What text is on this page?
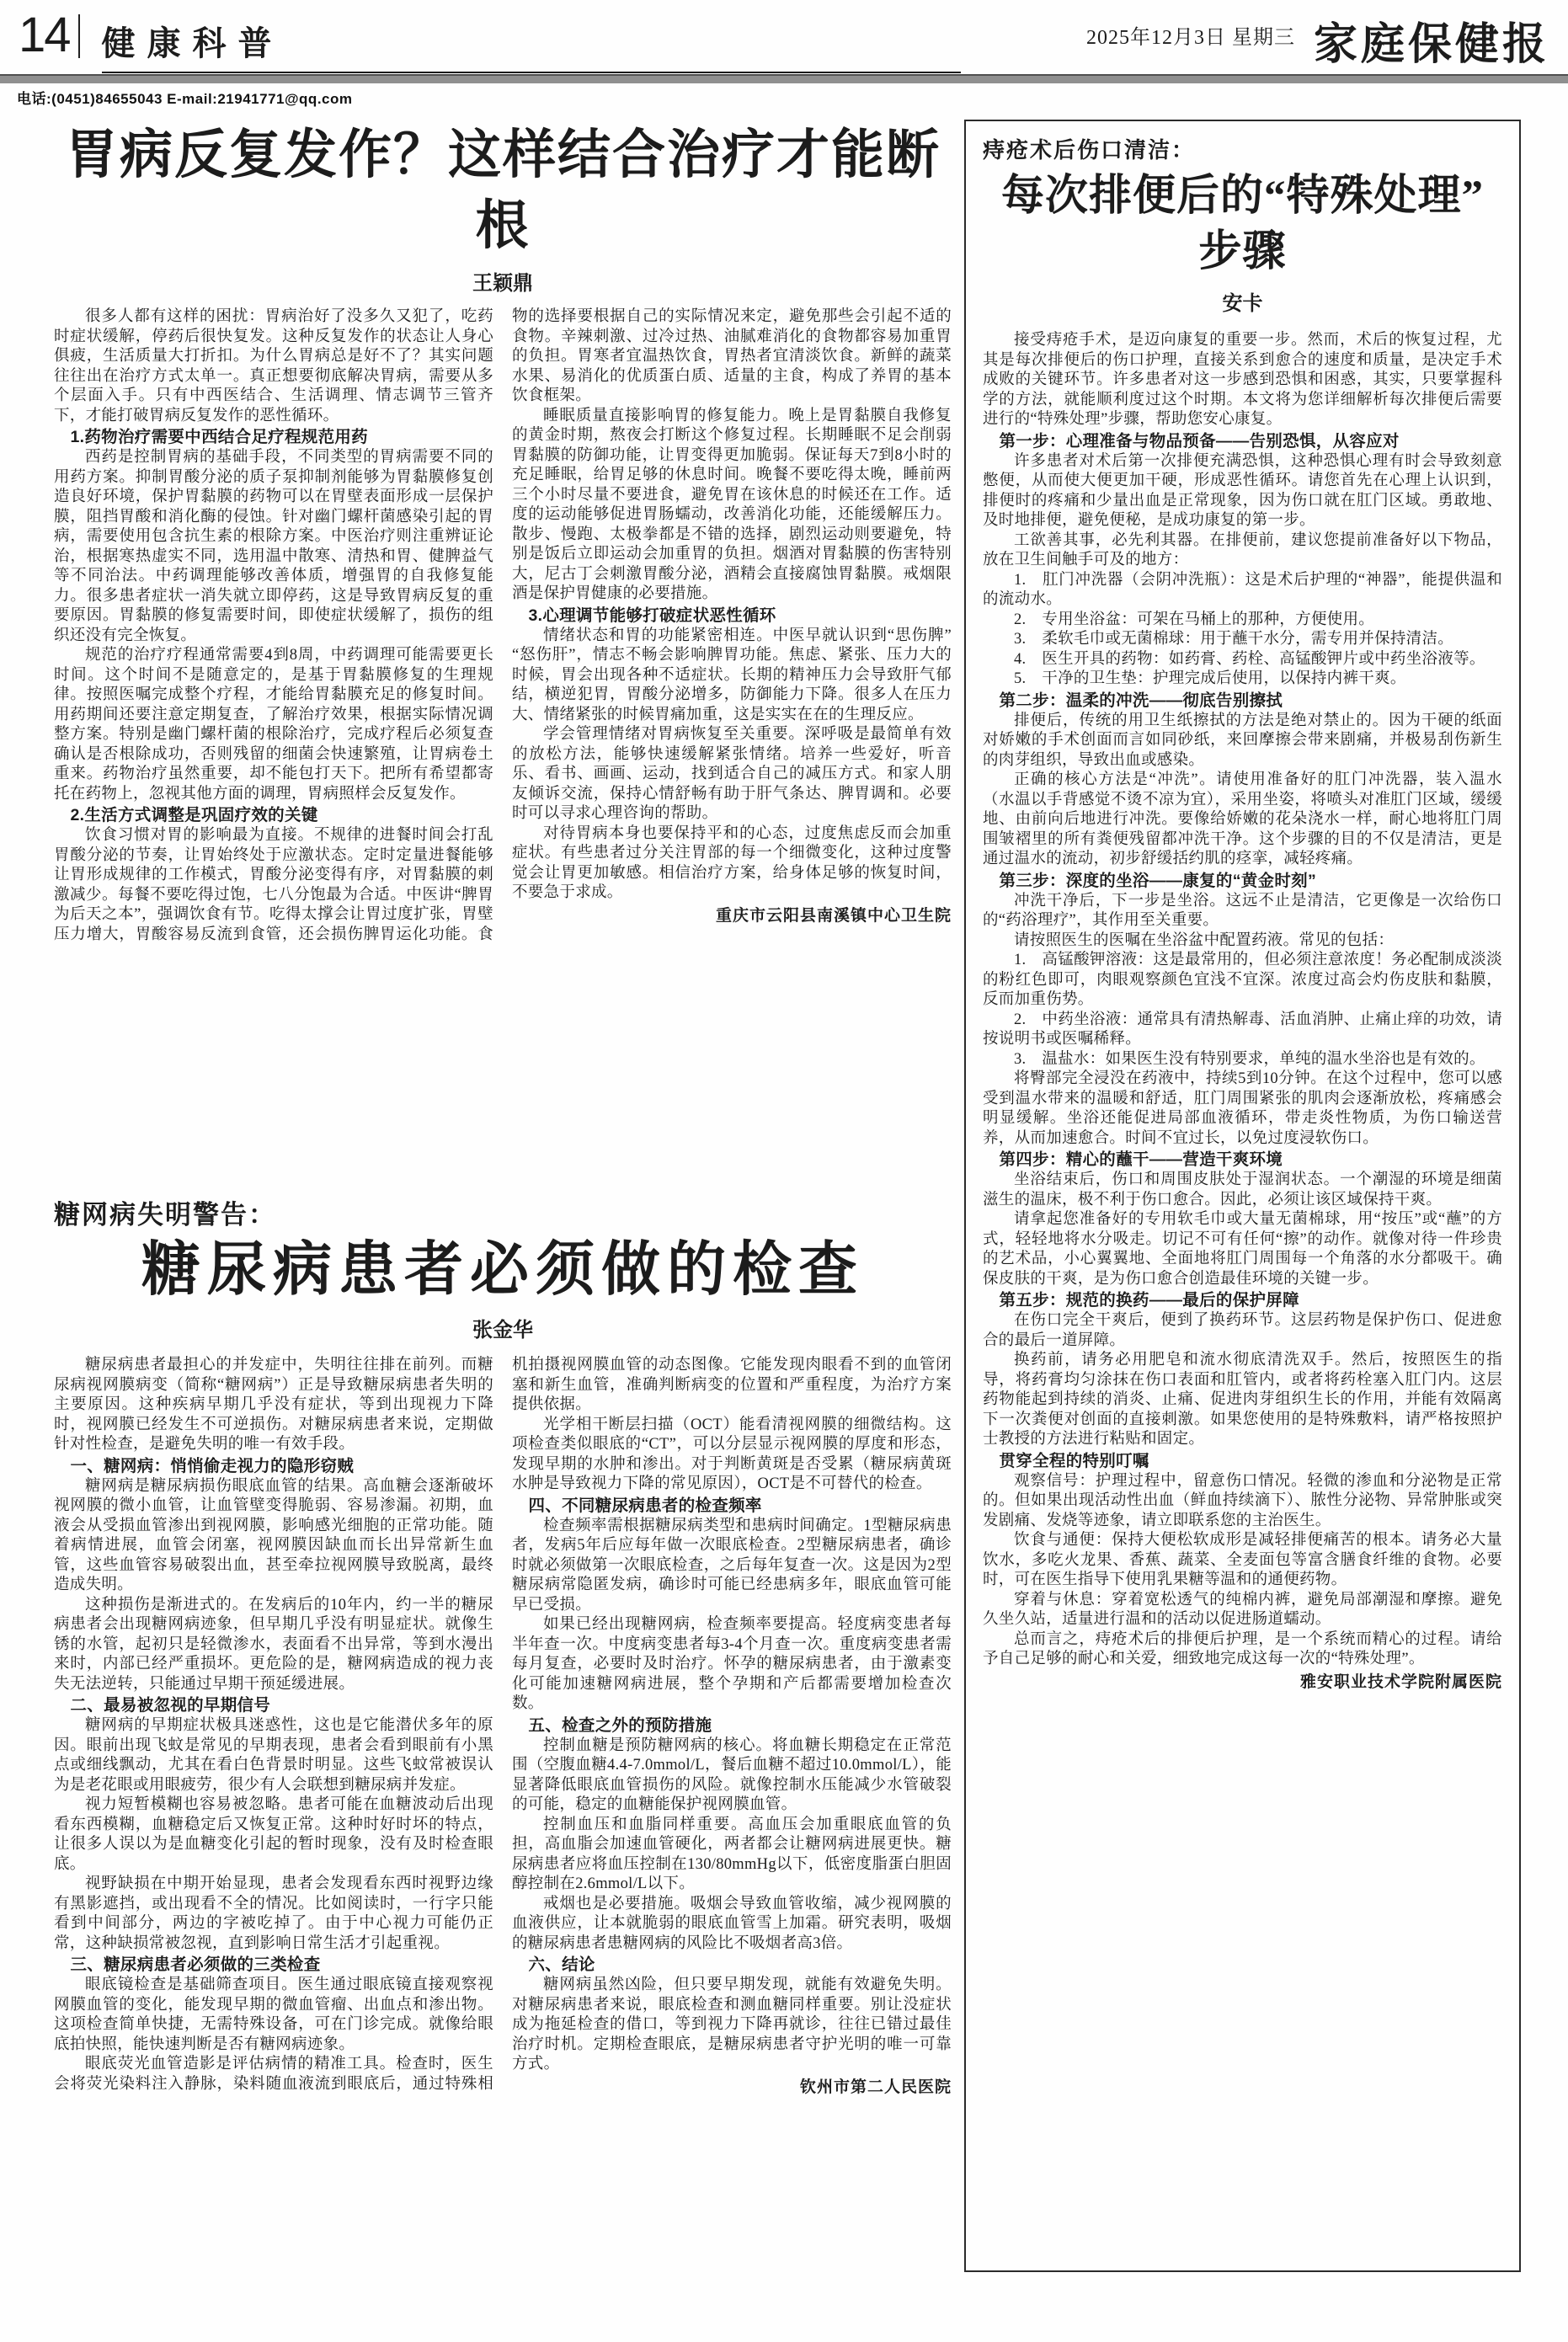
14 健康科普	2025年12月3日 星期三 家庭保健报
电话:(0451)84655043 E-mail:21941771@qq.com
胃病反复发作？这样结合治疗才能断根
王颖鼎

很多人都有这样的困扰：胃病治好了没多久又犯了，吃药时症状缓解，停药后很快复发。这种反复发作的状态让人身心俱疲，生活质量大打折扣。为什么胃病总是好不了？其实问题往往出在治疗方式太单一。真正想要彻底解决胃病，需要从多个层面入手。只有中西医结合、生活调理、情志调节三管齐下，才能打破胃病反复发作的恶性循环。

1.药物治疗需要中西结合足疗程规范用药

西药是控制胃病的基础手段，不同类型的胃病需要不同的用药方案。抑制胃酸分泌的质子泵抑制剂能够为胃黏膜修复创造良好环境，保护胃黏膜的药物可以在胃壁表面形成一层保护膜，阻挡胃酸和消化酶的侵蚀。针对幽门螺杆菌感染引起的胃病，需要使用包含抗生素的根除方案。中医治疗则注重辨证论治，根据寒热虚实不同，选用温中散寒、清热和胃、健脾益气等不同治法。中药调理能够改善体质，增强胃的自我修复能力。很多患者症状一消失就立即停药，这是导致胃病反复的重要原因。胃黏膜的修复需要时间，即使症状缓解了，损伤的组织还没有完全恢复。

规范的治疗疗程通常需要4到8周，中药调理可能需要更长时间。这个时间不是随意定的，是基于胃黏膜修复的生理规律。按照医嘱完成整个疗程，才能给胃黏膜充足的修复时间。用药期间还要注意定期复查，了解治疗效果，根据实际情况调整方案。特别是幽门螺杆菌的根除治疗，完成疗程后必须复查确认是否根除成功，否则残留的细菌会快速繁殖，让胃病卷土重来。药物治疗虽然重要，却不能包打天下。把所有希望都寄托在药物上，忽视其他方面的调理，胃病照样会反复发作。

2.生活方式调整是巩固疗效的关键

饮食习惯对胃的影响最为直接。不规律的进餐时间会打乱胃酸分泌的节奏，让胃始终处于应激状态。定时定量进餐能够让胃形成规律的工作模式，胃酸分泌变得有序，对胃黏膜的刺激减少。每餐不要吃得过饱，七八分饱最为合适。中医讲“脾胃为后天之本”，强调饮食有节。吃得太撑会让胃过度扩张，胃壁压力增大，胃酸容易反流到食管，还会损伤脾胃运化功能。食物的选择要根据自己的实际情况来定，避免那些会引起不适的食物。辛辣刺激、过冷过热、油腻难消化的食物都容易加重胃的负担。胃寒者宜温热饮食，胃热者宜清淡饮食。新鲜的蔬菜水果、易消化的优质蛋白质、适量的主食，构成了养胃的基本饮食框架。

睡眠质量直接影响胃的修复能力。晚上是胃黏膜自我修复的黄金时期，熬夜会打断这个修复过程。长期睡眠不足会削弱胃黏膜的防御功能，让胃变得更加脆弱。保证每天7到8小时的充足睡眠，给胃足够的休息时间。晚餐不要吃得太晚，睡前两三个小时尽量不要进食，避免胃在该休息的时候还在工作。适度的运动能够促进胃肠蠕动，改善消化功能，还能缓解压力。散步、慢跑、太极拳都是不错的选择，剧烈运动则要避免，特别是饭后立即运动会加重胃的负担。烟酒对胃黏膜的伤害特别大，尼古丁会刺激胃酸分泌，酒精会直接腐蚀胃黏膜。戒烟限酒是保护胃健康的必要措施。

3.心理调节能够打破症状恶性循环

情绪状态和胃的功能紧密相连。中医早就认识到“思伤脾”“怒伤肝”，情志不畅会影响脾胃功能。焦虑、紧张、压力大的时候，胃会出现各种不适症状。长期的精神压力会导致肝气郁结，横逆犯胃，胃酸分泌增多，防御能力下降。很多人在压力大、情绪紧张的时候胃痛加重，这是实实在在的生理反应。

学会管理情绪对胃病恢复至关重要。深呼吸是最简单有效的放松方法，能够快速缓解紧张情绪。培养一些爱好，听音乐、看书、画画、运动，找到适合自己的减压方式。和家人朋友倾诉交流，保持心情舒畅有助于肝气条达、脾胃调和。必要时可以寻求心理咨询的帮助。

对待胃病本身也要保持平和的心态，过度焦虑反而会加重症状。有些患者过分关注胃部的每一个细微变化，这种过度警觉会让胃更加敏感。相信治疗方案，给身体足够的恢复时间，不要急于求成。

重庆市云阳县南溪镇中心卫生院
糖网病失明警告：
糖尿病患者必须做的检查
张金华

糖尿病患者最担心的并发症中，失明往往排在前列。而糖尿病视网膜病变（简称“糖网病”）正是导致糖尿病患者失明的主要原因。这种疾病早期几乎没有症状，等到出现视力下降时，视网膜已经发生不可逆损伤。对糖尿病患者来说，定期做针对性检查，是避免失明的唯一有效手段。

一、糖网病：悄悄偷走视力的隐形窃贼

糖网病是糖尿病损伤眼底血管的结果。高血糖会逐渐破坏视网膜的微小血管，让血管壁变得脆弱、容易渗漏。初期，血液会从受损血管渗出到视网膜，影响感光细胞的正常功能。随着病情进展，血管会闭塞，视网膜因缺血而长出异常新生血管，这些血管容易破裂出血，甚至牵拉视网膜导致脱离，最终造成失明。

这种损伤是渐进式的。在发病后的10年内，约一半的糖尿病患者会出现糖网病迹象，但早期几乎没有明显症状。就像生锈的水管，起初只是轻微渗水，表面看不出异常，等到水漫出来时，内部已经严重损坏。更危险的是，糖网病造成的视力丧失无法逆转，只能通过早期干预延缓进展。

二、最易被忽视的早期信号

糖网病的早期症状极具迷惑性，这也是它能潜伏多年的原因。眼前出现飞蚊是常见的早期表现，患者会看到眼前有小黑点或细线飘动，尤其在看白色背景时明显。这些飞蚊常被误认为是老花眼或用眼疲劳，很少有人会联想到糖尿病并发症。

视力短暂模糊也容易被忽略。患者可能在血糖波动后出现看东西模糊，血糖稳定后又恢复正常。这种时好时坏的特点，让很多人误以为是血糖变化引起的暂时现象，没有及时检查眼底。

视野缺损在中期开始显现，患者会发现看东西时视野边缘有黑影遮挡，或出现看不全的情况。比如阅读时，一行字只能看到中间部分，两边的字被吃掉了。由于中心视力可能仍正常，这种缺损常被忽视，直到影响日常生活才引起重视。

三、糖尿病患者必须做的三类检查

眼底镜检查是基础筛查项目。医生通过眼底镜直接观察视网膜血管的变化，能发现早期的微血管瘤、出血点和渗出物。这项检查简单快捷，无需特殊设备，可在门诊完成。就像给眼底拍快照，能快速判断是否有糖网病迹象。

眼底荧光血管造影是评估病情的精准工具。检查时，医生会将荧光染料注入静脉，染料随血液流到眼底后，通过特殊相机拍摄视网膜血管的动态图像。它能发现肉眼看不到的血管闭塞和新生血管，准确判断病变的位置和严重程度，为治疗方案提供依据。

光学相干断层扫描（OCT）能看清视网膜的细微结构。这项检查类似眼底的“CT”，可以分层显示视网膜的厚度和形态，发现早期的水肿和渗出。对于判断黄斑是否受累（糖尿病黄斑水肿是导致视力下降的常见原因），OCT是不可替代的检查。

四、不同糖尿病患者的检查频率

检查频率需根据糖尿病类型和患病时间确定。1型糖尿病患者，发病5年后应每年做一次眼底检查。2型糖尿病患者，确诊时就必须做第一次眼底检查，之后每年复查一次。这是因为2型糖尿病常隐匿发病，确诊时可能已经患病多年，眼底血管可能早已受损。

如果已经出现糖网病，检查频率要提高。轻度病变患者每半年查一次。中度病变患者每3-4个月查一次。重度病变患者需每月复查，必要时及时治疗。怀孕的糖尿病患者，由于激素变化可能加速糖网病进展，整个孕期和产后都需要增加检查次数。

五、检查之外的预防措施

控制血糖是预防糖网病的核心。将血糖长期稳定在正常范围（空腹血糖4.4-7.0mmol/L，餐后血糖不超过10.0mmol/L），能显著降低眼底血管损伤的风险。就像控制水压能减少水管破裂的可能，稳定的血糖能保护视网膜血管。

控制血压和血脂同样重要。高血压会加重眼底血管的负担，高血脂会加速血管硬化，两者都会让糖网病进展更快。糖尿病患者应将血压控制在130/80mmHg以下，低密度脂蛋白胆固醇控制在2.6mmol/L以下。

戒烟也是必要措施。吸烟会导致血管收缩，减少视网膜的血液供应，让本就脆弱的眼底血管雪上加霜。研究表明，吸烟的糖尿病患者患糖网病的风险比不吸烟者高3倍。

六、结论

糖网病虽然凶险，但只要早期发现，就能有效避免失明。对糖尿病患者来说，眼底检查和测血糖同样重要。别让没症状成为拖延检查的借口，等到视力下降再就诊，往往已错过最佳治疗时机。定期检查眼底，是糖尿病患者守护光明的唯一可靠方式。

钦州市第二人民医院
痔疮术后伤口清洁：
每次排便后的“特殊处理”步骤
安卡

接受痔疮手术，是迈向康复的重要一步。然而，术后的恢复过程，尤其是每次排便后的伤口护理，直接关系到愈合的速度和质量，是决定手术成败的关键环节。许多患者对这一步感到恐惧和困惑，其实，只要掌握科学的方法，就能顺利度过这个时期。本文将为您详细解析每次排便后需要进行的“特殊处理”步骤，帮助您安心康复。

第一步：心理准备与物品预备——告别恐惧，从容应对

许多患者对术后第一次排便充满恐惧，这种恐惧心理有时会导致刻意憋便，从而使大便更加干硬，形成恶性循环。请您首先在心理上认识到，排便时的疼痛和少量出血是正常现象，因为伤口就在肛门区域。勇敢地、及时地排便，避免便秘，是成功康复的第一步。

工欲善其事，必先利其器。在排便前，建议您提前准备好以下物品，放在卫生间触手可及的地方：

1.　肛门冲洗器（会阴冲洗瓶）：这是术后护理的“神器”，能提供温和的流动水。

2.　专用坐浴盆：可架在马桶上的那种，方便使用。

3.　柔软毛巾或无菌棉球：用于蘸干水分，需专用并保持清洁。

4.　医生开具的药物：如药膏、药栓、高锰酸钾片或中药坐浴液等。

5.　干净的卫生垫：护理完成后使用，以保持内裤干爽。

第二步：温柔的冲洗——彻底告别擦拭

排便后，传统的用卫生纸擦拭的方法是绝对禁止的。因为干硬的纸面对娇嫩的手术创面而言如同砂纸，来回摩擦会带来剧痛，并极易刮伤新生的肉芽组织，导致出血或感染。

正确的核心方法是“冲洗”。请使用准备好的肛门冲洗器，装入温水（水温以手背感觉不烫不凉为宜），采用坐姿，将喷头对准肛门区域，缓缓地、由前向后地进行冲洗。要像给娇嫩的花朵浇水一样，耐心地将肛门周围皱褶里的所有粪便残留都冲洗干净。这个步骤的目的不仅是清洁，更是通过温水的流动，初步舒缓括约肌的痉挛，减轻疼痛。

第三步：深度的坐浴——康复的“黄金时刻”

冲洗干净后，下一步是坐浴。这远不止是清洁，它更像是一次给伤口的“药浴理疗”，其作用至关重要。

请按照医生的医嘱在坐浴盆中配置药液。常见的包括：

1.　高锰酸钾溶液：这是最常用的，但必须注意浓度！务必配制成淡淡的粉红色即可，肉眼观察颜色宜浅不宜深。浓度过高会灼伤皮肤和黏膜，反而加重伤势。

2.　中药坐浴液：通常具有清热解毒、活血消肿、止痛止痒的功效，请按说明书或医嘱稀释。

3.　温盐水：如果医生没有特别要求，单纯的温水坐浴也是有效的。

将臀部完全浸没在药液中，持续5到10分钟。在这个过程中，您可以感受到温水带来的温暖和舒适，肛门周围紧张的肌肉会逐渐放松，疼痛感会明显缓解。坐浴还能促进局部血液循环，带走炎性物质，为伤口输送营养，从而加速愈合。时间不宜过长，以免过度浸软伤口。

第四步：精心的蘸干——营造干爽环境

坐浴结束后，伤口和周围皮肤处于湿润状态。一个潮湿的环境是细菌滋生的温床，极不利于伤口愈合。因此，必须让该区域保持干爽。

请拿起您准备好的专用软毛巾或大量无菌棉球，用“按压”或“蘸”的方式，轻轻地将水分吸走。切记不可有任何“擦”的动作。就像对待一件珍贵的艺术品，小心翼翼地、全面地将肛门周围每一个角落的水分都吸干。确保皮肤的干爽，是为伤口愈合创造最佳环境的关键一步。

第五步：规范的换药——最后的保护屏障

在伤口完全干爽后，便到了换药环节。这层药物是保护伤口、促进愈合的最后一道屏障。

换药前，请务必用肥皂和流水彻底清洗双手。然后，按照医生的指导，将药膏均匀涂抹在伤口表面和肛管内，或者将药栓塞入肛门内。这层药物能起到持续的消炎、止痛、促进肉芽组织生长的作用，并能有效隔离下一次粪便对创面的直接刺激。如果您使用的是特殊敷料，请严格按照护士教授的方法进行粘贴和固定。

贯穿全程的特别叮嘱

观察信号：护理过程中，留意伤口情况。轻微的渗血和分泌物是正常的。但如果出现活动性出血（鲜血持续滴下）、脓性分泌物、异常肿胀或突发剧痛、发烧等迹象，请立即联系您的主治医生。

饮食与通便：保持大便松软成形是减轻排便痛苦的根本。请务必大量饮水，多吃火龙果、香蕉、蔬菜、全麦面包等富含膳食纤维的食物。必要时，可在医生指导下使用乳果糖等温和的通便药物。

穿着与休息：穿着宽松透气的纯棉内裤，避免局部潮湿和摩擦。避免久坐久站，适量进行温和的活动以促进肠道蠕动。

总而言之，痔疮术后的排便后护理，是一个系统而精心的过程。请给予自己足够的耐心和关爱，细致地完成这每一次的“特殊处理”。

雅安职业技术学院附属医院
